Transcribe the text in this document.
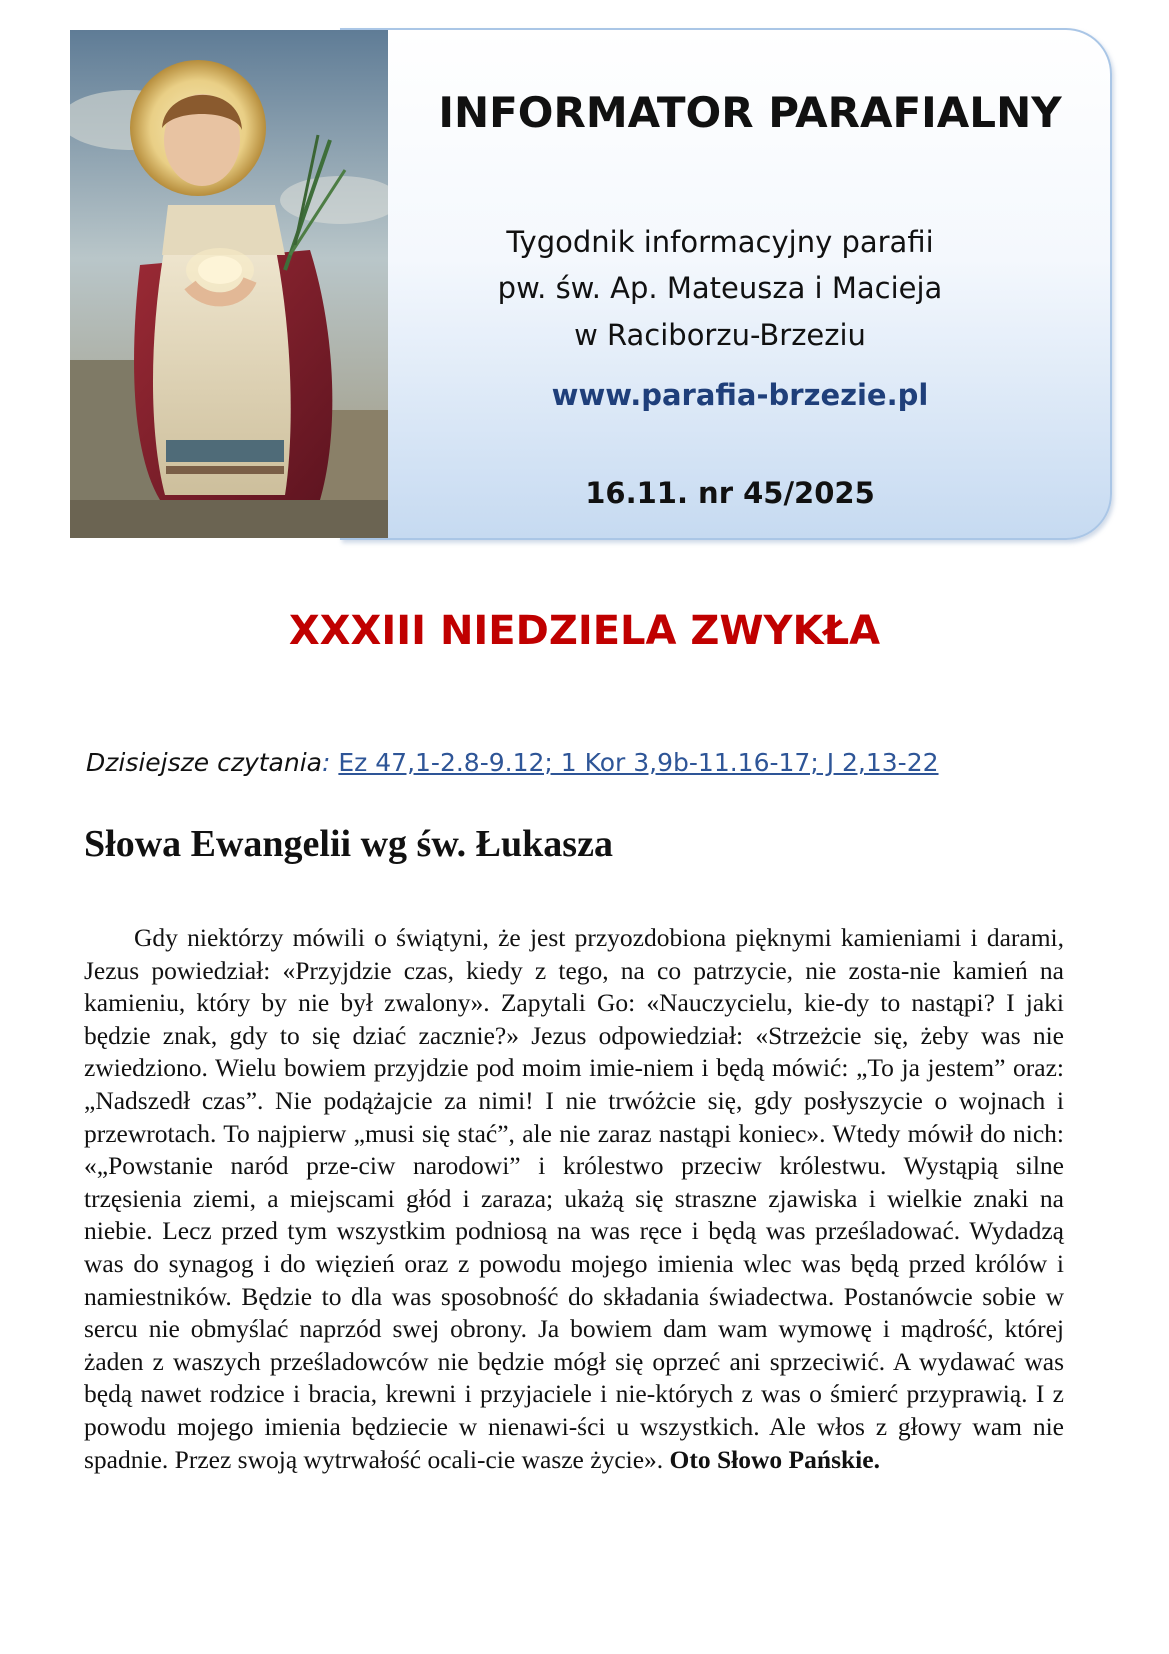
INFORMATOR PARAFIALNY
Tygodnik informacyjny parafii
pw. św. Ap. Mateusza i Macieja
w Raciborzu-Brzeziu
www.parafia-brzezie.pl
16.11. nr 45/2025
XXXIII NIEDZIELA ZWYKŁA
Dzisiejsze czytania: Ez 47,1-2.8-9.12; 1 Kor 3,9b-11.16-17; J 2,13-22
Słowa Ewangelii wg św. Łukasza
Gdy niektórzy mówili o świątyni, że jest przyozdobiona pięknymi kamieniami i darami, Jezus powiedział: «Przyjdzie czas, kiedy z tego, na co patrzycie, nie zosta-nie kamień na kamieniu, który by nie był zwalony». Zapytali Go: «Nauczycielu, kie-dy to nastąpi? I jaki będzie znak, gdy to się dziać zacznie?» Jezus odpowiedział: «Strzeżcie się, żeby was nie zwiedziono. Wielu bowiem przyjdzie pod moim imie-niem i będą mówić: „To ja jestem” oraz: „Nadszedł czas”. Nie podążajcie za nimi! I nie trwóżcie się, gdy posłyszycie o wojnach i przewrotach. To najpierw „musi się stać”, ale nie zaraz nastąpi koniec». Wtedy mówił do nich: «„Powstanie naród prze-ciw narodowi” i królestwo przeciw królestwu. Wystąpią silne trzęsienia ziemi, a miejscami głód i zaraza; ukażą się straszne zjawiska i wielkie znaki na niebie. Lecz przed tym wszystkim podniosą na was ręce i będą was prześladować. Wydadzą was do synagog i do więzień oraz z powodu mojego imienia wlec was będą przed królów i namiestników. Będzie to dla was sposobność do składania świadectwa. Postanówcie sobie w sercu nie obmyślać naprzód swej obrony. Ja bowiem dam wam wymowę i mądrość, której żaden z waszych prześladowców nie będzie mógł się oprzeć ani sprzeciwić. A wydawać was będą nawet rodzice i bracia, krewni i przyjaciele i nie-których z was o śmierć przyprawią. I z powodu mojego imienia będziecie w nienawi-ści u wszystkich. Ale włos z głowy wam nie spadnie. Przez swoją wytrwałość ocali-cie wasze życie». Oto Słowo Pańskie.
